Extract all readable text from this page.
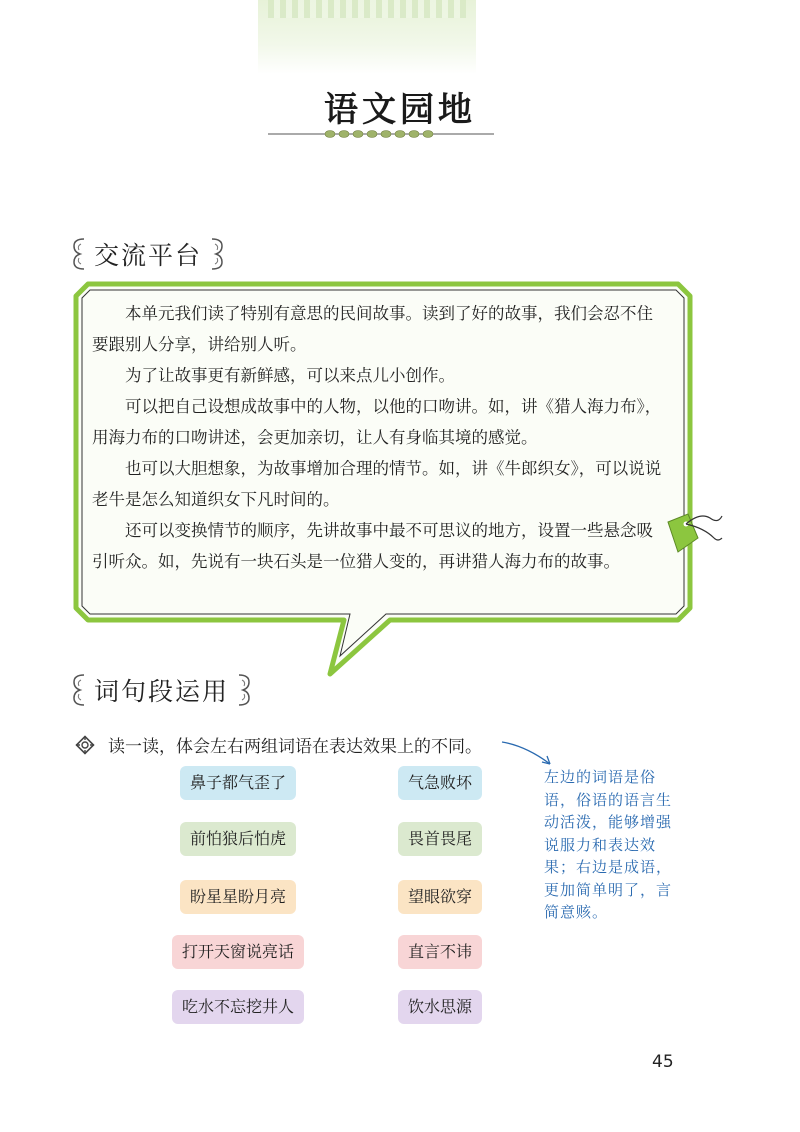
语文园地
交流平台

本单元我们读了特别有意思的民间故事。读到了好的故事，我们会忍不住要跟别人分享，讲给别人听。

为了让故事更有新鲜感，可以来点儿小创作。

可以把自己设想成故事中的人物，以他的口吻讲。如，讲《猎人海力布》，用海力布的口吻讲述，会更加亲切，让人有身临其境的感觉。

也可以大胆想象，为故事增加合理的情节。如，讲《牛郎织女》，可以说说老牛是怎么知道织女下凡时间的。

还可以变换情节的顺序，先讲故事中最不可思议的地方，设置一些悬念吸引听众。如，先说有一块石头是一位猎人变的，再讲猎人海力布的故事。

词句段运用
读一读，体会左右两组词语在表达效果上的不同。
鼻子都气歪了
前怕狼后怕虎
盼星星盼月亮
打开天窗说亮话
吃水不忘挖井人
气急败坏
畏首畏尾
望眼欲穿
直言不讳
饮水思源
左边的词语是俗语，俗语的语言生动活泼，能够增强说服力和表达效果；右边是成语，更加简单明了，言简意赅。
45
